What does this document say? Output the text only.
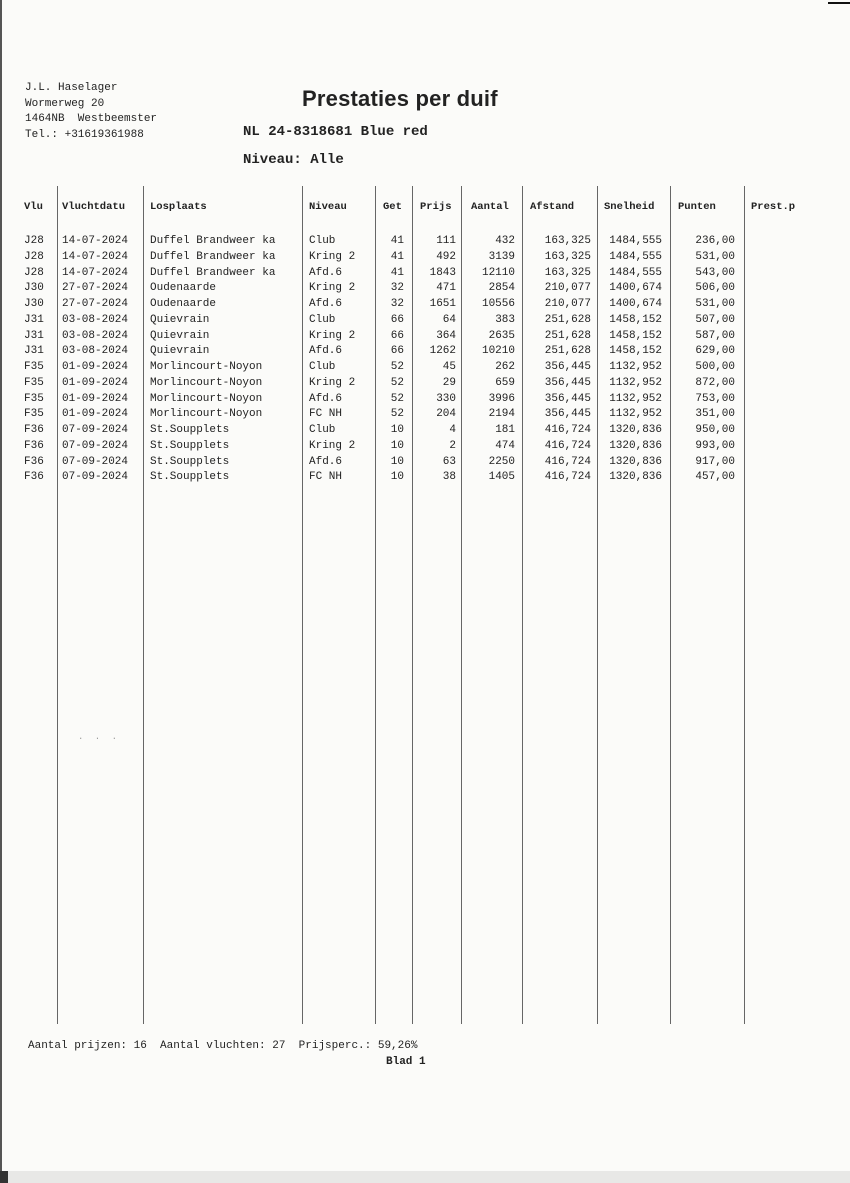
J.L. Haselager
Wormerweg 20
1464NB  Westbeemster
Tel.: +31619361988
Prestaties per duif
NL 24-8318681 Blue red
Niveau: Alle
Vlu	Vluchtdatu	Losplaats	Niveau	Get	Prijs	Aantal	Afstand	Snelheid	Punten	Prest.p
J28	14-07-2024	Duffel Brandweer ka	Club	41	111	432	163,325	1484,555	236,00
J28	14-07-2024	Duffel Brandweer ka	Kring 2	41	492	3139	163,325	1484,555	531,00
J28	14-07-2024	Duffel Brandweer ka	Afd.6	41	1843	12110	163,325	1484,555	543,00
J30	27-07-2024	Oudenaarde	Kring 2	32	471	2854	210,077	1400,674	506,00
J30	27-07-2024	Oudenaarde	Afd.6	32	1651	10556	210,077	1400,674	531,00
J31	03-08-2024	Quievrain	Club	66	64	383	251,628	1458,152	507,00
J31	03-08-2024	Quievrain	Kring 2	66	364	2635	251,628	1458,152	587,00
J31	03-08-2024	Quievrain	Afd.6	66	1262	10210	251,628	1458,152	629,00
F35	01-09-2024	Morlincourt-Noyon	Club	52	45	262	356,445	1132,952	500,00
F35	01-09-2024	Morlincourt-Noyon	Kring 2	52	29	659	356,445	1132,952	872,00
F35	01-09-2024	Morlincourt-Noyon	Afd.6	52	330	3996	356,445	1132,952	753,00
F35	01-09-2024	Morlincourt-Noyon	FC NH	52	204	2194	356,445	1132,952	351,00
F36	07-09-2024	St.Soupplets	Club	10	4	181	416,724	1320,836	950,00
F36	07-09-2024	St.Soupplets	Kring 2	10	2	474	416,724	1320,836	993,00
F36	07-09-2024	St.Soupplets	Afd.6	10	63	2250	416,724	1320,836	917,00
F36	07-09-2024	St.Soupplets	FC NH	10	38	1405	416,724	1320,836	457,00
· · ·
Aantal prijzen: 16  Aantal vluchten: 27  Prijsperc.: 59,26%
Blad 1
